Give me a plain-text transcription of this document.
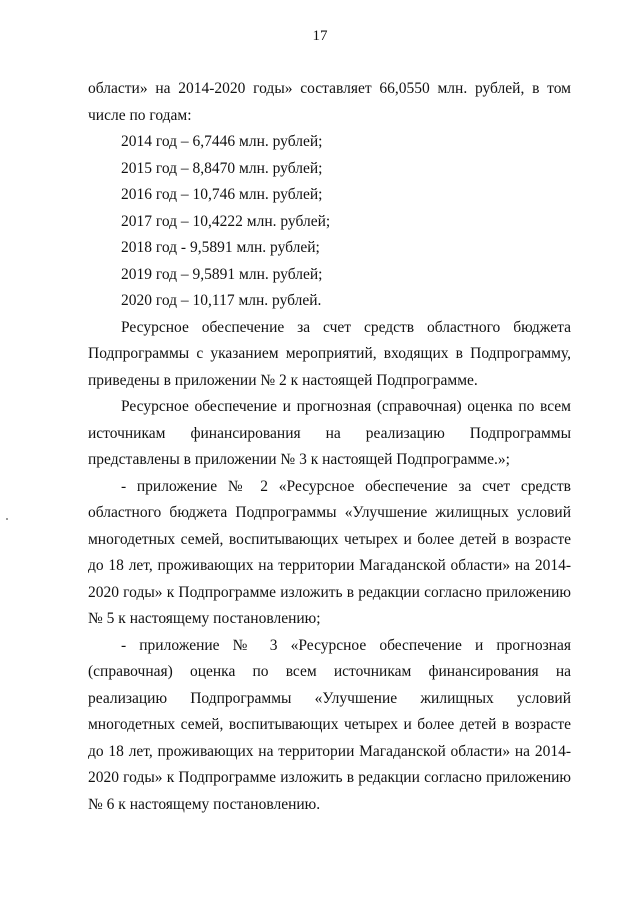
17

области» на 2014-2020 годы» составляет 66,0550 млн. рублей, в том числе по годам:

2014 год – 6,7446 млн. рублей;
2015 год – 8,8470 млн. рублей;
2016 год – 10,746 млн. рублей;
2017 год – 10,4222 млн. рублей;
2018 год - 9,5891 млн. рублей;
2019 год – 9,5891 млн. рублей;
2020 год – 10,117 млн. рублей.

Ресурсное обеспечение за счет средств областного бюджета Подпрограммы с указанием мероприятий, входящих в Подпрограмму, приведены в приложении № 2 к настоящей Подпрограмме.

Ресурсное обеспечение и прогнозная (справочная) оценка по всем источникам финансирования на реализацию Подпрограммы представлены в приложении № 3 к настоящей Подпрограмме.»;

- приложение № 2 «Ресурсное обеспечение за счет средств областного бюджета Подпрограммы «Улучшение жилищных условий многодетных семей, воспитывающих четырех и более детей в возрасте до 18 лет, проживающих на территории Магаданской области» на 2014-2020 годы» к Подпрограмме изложить в редакции согласно приложению № 5 к настоящему постановлению;

- приложение № 3 «Ресурсное обеспечение и прогнозная (справочная) оценка по всем источникам финансирования на реализацию Подпрограммы «Улучшение жилищных условий многодетных семей, воспитывающих четырех и более детей в возрасте до 18 лет, проживающих на территории Магаданской области» на 2014-2020 годы» к Подпрограмме изложить в редакции согласно приложению № 6 к настоящему постановлению.
